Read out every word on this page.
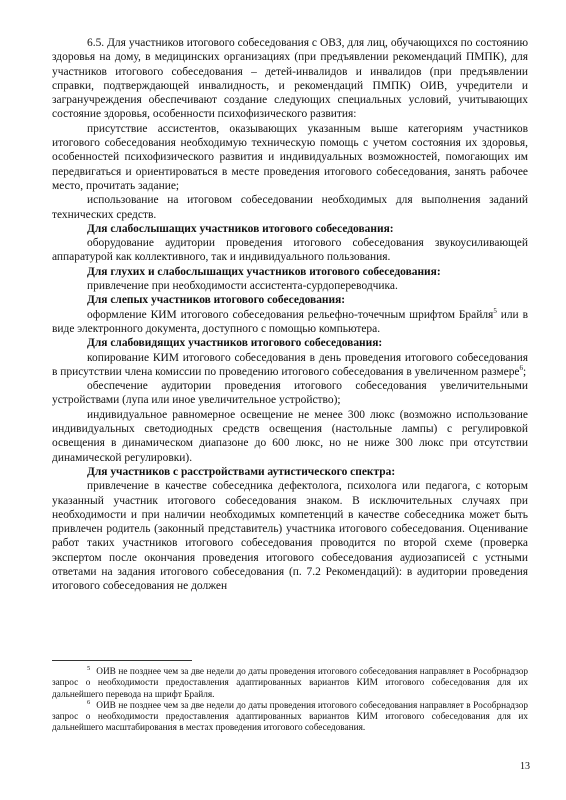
6.5. Для участников итогового собеседования с ОВЗ, для лиц, обучающихся по состоянию здоровья на дому, в медицинских организациях (при предъявлении рекомендаций ПМПК), для участников итогового собеседования – детей-инвалидов и инвалидов (при предъявлении справки, подтверждающей инвалидность, и рекомендаций ПМПК) ОИВ, учредители и загранучреждения обеспечивают создание следующих специальных условий, учитывающих состояние здоровья, особенности психофизического развития:

присутствие ассистентов, оказывающих указанным выше категориям участников итогового собеседования необходимую техническую помощь с учетом состояния их здоровья, особенностей психофизического развития и индивидуальных возможностей, помогающих им передвигаться и ориентироваться в месте проведения итогового собеседования, занять рабочее место, прочитать задание;

использование на итоговом собеседовании необходимых для выполнения заданий технических средств.

Для слабослышащих участников итогового собеседования:

оборудование аудитории проведения итогового собеседования звукоусиливающей аппаратурой как коллективного, так и индивидуального пользования.

Для глухих и слабослышащих участников итогового собеседования:

привлечение при необходимости ассистента-сурдопереводчика.

Для слепых участников итогового собеседования:

оформление КИМ итогового собеседования рельефно-точечным шрифтом Брайля$^5$ или в виде электронного документа, доступного с помощью компьютера.

Для слабовидящих участников итогового собеседования:

копирование КИМ итогового собеседования в день проведения итогового собеседования в присутствии члена комиссии по проведению итогового собеседования в увеличенном размере$^6$;

обеспечение аудитории проведения итогового собеседования увеличительными устройствами (лупа или иное увеличительное устройство);

индивидуальное равномерное освещение не менее 300 люкс (возможно использование индивидуальных светодиодных средств освещения (настольные лампы) с регулировкой освещения в динамическом диапазоне до 600 люкс, но не ниже 300 люкс при отсутствии динамической регулировки).

Для участников с расстройствами аутистического спектра:

привлечение в качестве собеседника дефектолога, психолога или педагога, с которым указанный участник итогового собеседования знаком. В исключительных случаях при необходимости и при наличии необходимых компетенций в качестве собеседника может быть привлечен родитель (законный представитель) участника итогового собеседования. Оценивание работ таких участников итогового собеседования проводится по второй схеме (проверка экспертом после окончания проведения итогового собеседования аудиозаписей с устными ответами на задания итогового собеседования (п. 7.2 Рекомендаций): в аудитории проведения итогового собеседования не должен

$^5$ ОИВ не позднее чем за две недели до даты проведения итогового собеседования направляет в Рособрнадзор запрос о необходимости предоставления адаптированных вариантов КИМ итогового собеседования для их дальнейшего перевода на шрифт Брайля.

$^6$ ОИВ не позднее чем за две недели до даты проведения итогового собеседования направляет в Рособрнадзор запрос о необходимости предоставления адаптированных вариантов КИМ итогового собеседования для их дальнейшего масштабирования в местах проведения итогового собеседования.

13
